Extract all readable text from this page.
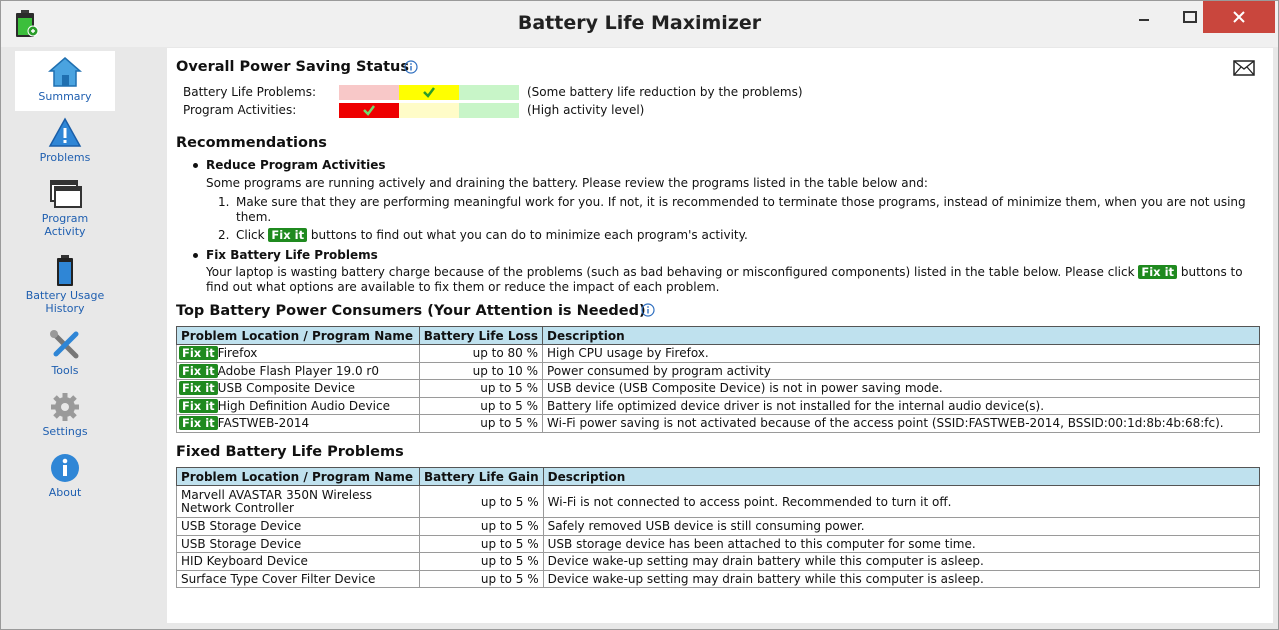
Battery Life Maximizer
Summary
Problems
Program Activity
Battery Usage History
Tools
Settings
About
Overall Power Saving Status
Battery Life Problems:	(Some battery life reduction by the problems)
Program Activities:	(High activity level)
Recommendations
Reduce Program Activities
Some programs are running actively and draining the battery. Please review the programs listed in the table below and:
1. Make sure that they are performing meaningful work for you. If not, it is recommended to terminate those programs, instead of minimize them, when you are not using
them.
2. Click Fix it buttons to find out what you can do to minimize each program's activity.
Fix Battery Life Problems
Your laptop is wasting battery charge because of the problems (such as bad behaving or misconfigured components) listed in the table below. Please click Fix it buttons to
find out what options are available to fix them or reduce the impact of each problem.
Top Battery Power Consumers (Your Attention is Needed)
Problem Location / Program Name	Battery Life Loss	Description
Fix it Firefox	up to 80 %	High CPU usage by Firefox.
Fix it Adobe Flash Player 19.0 r0	up to 10 %	Power consumed by program activity
Fix it USB Composite Device	up to 5 %	USB device (USB Composite Device) is not in power saving mode.
Fix it High Definition Audio Device	up to 5 %	Battery life optimized device driver is not installed for the internal audio device(s).
Fix it FASTWEB-2014	up to 5 %	Wi-Fi power saving is not activated because of the access point (SSID:FASTWEB-2014, BSSID:00:1d:8b:4b:68:fc).
Fixed Battery Life Problems
Problem Location / Program Name	Battery Life Gain	Description
Marvell AVASTAR 350N Wireless Network Controller	up to 5 %	Wi-Fi is not connected to access point. Recommended to turn it off.
USB Storage Device	up to 5 %	Safely removed USB device is still consuming power.
USB Storage Device	up to 5 %	USB storage device has been attached to this computer for some time.
HID Keyboard Device	up to 5 %	Device wake-up setting may drain battery while this computer is asleep.
Surface Type Cover Filter Device	up to 5 %	Device wake-up setting may drain battery while this computer is asleep.
